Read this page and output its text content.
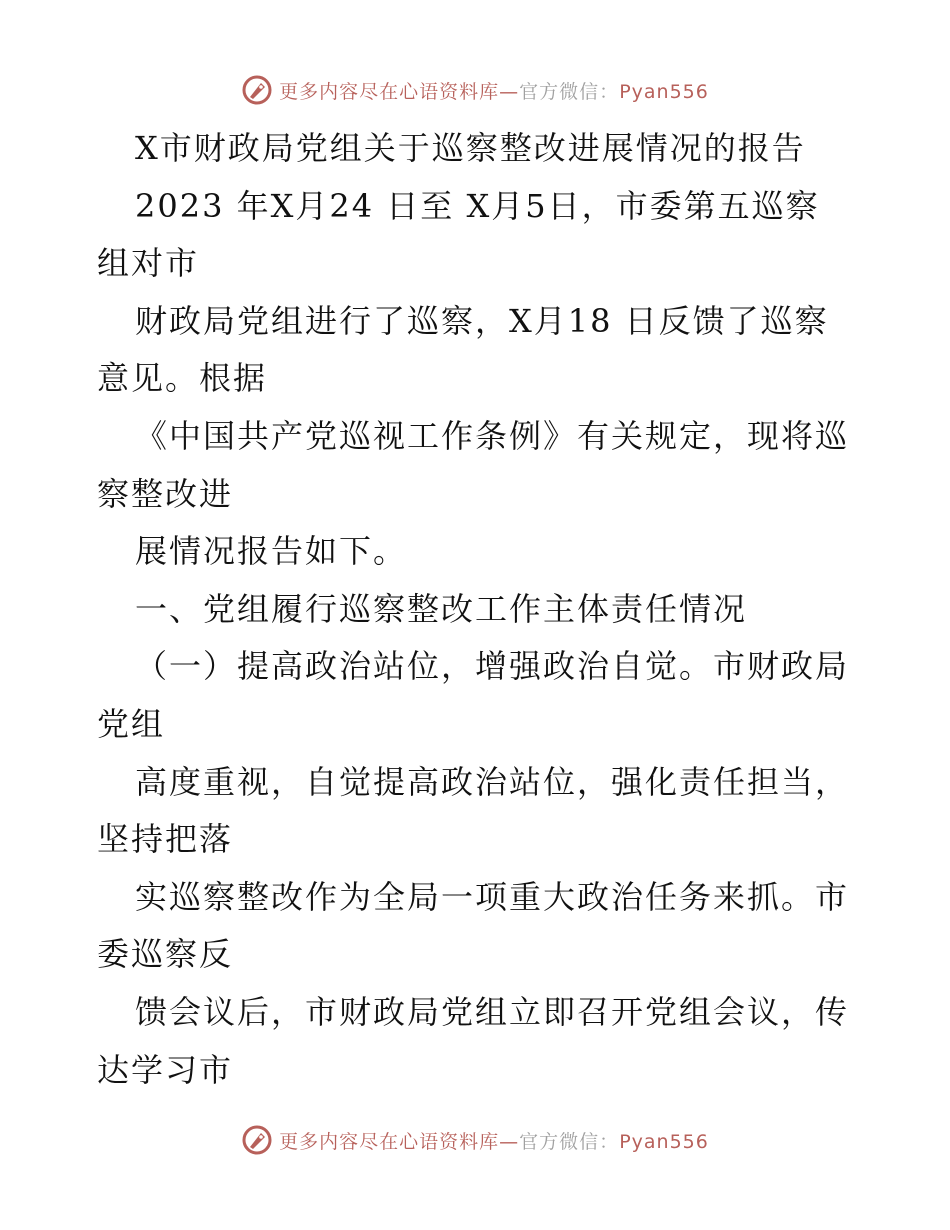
更多内容尽在心语资料库—官方微信：Pyan556
X市财政局党组关于巡察整改进展情况的报告
2023 年X月24 日至 X月5日，市委第五巡察
组对市
财政局党组进行了巡察，X月18 日反馈了巡察
意见。根据
《中国共产党巡视工作条例》有关规定，现将巡
察整改进
展情况报告如下。
一、党组履行巡察整改工作主体责任情况
（一）提高政治站位，增强政治自觉。市财政局
党组
高度重视，自觉提高政治站位，强化责任担当，
坚持把落
实巡察整改作为全局一项重大政治任务来抓。市
委巡察反
馈会议后，市财政局党组立即召开党组会议，传
达学习市
更多内容尽在心语资料库—官方微信：Pyan556
